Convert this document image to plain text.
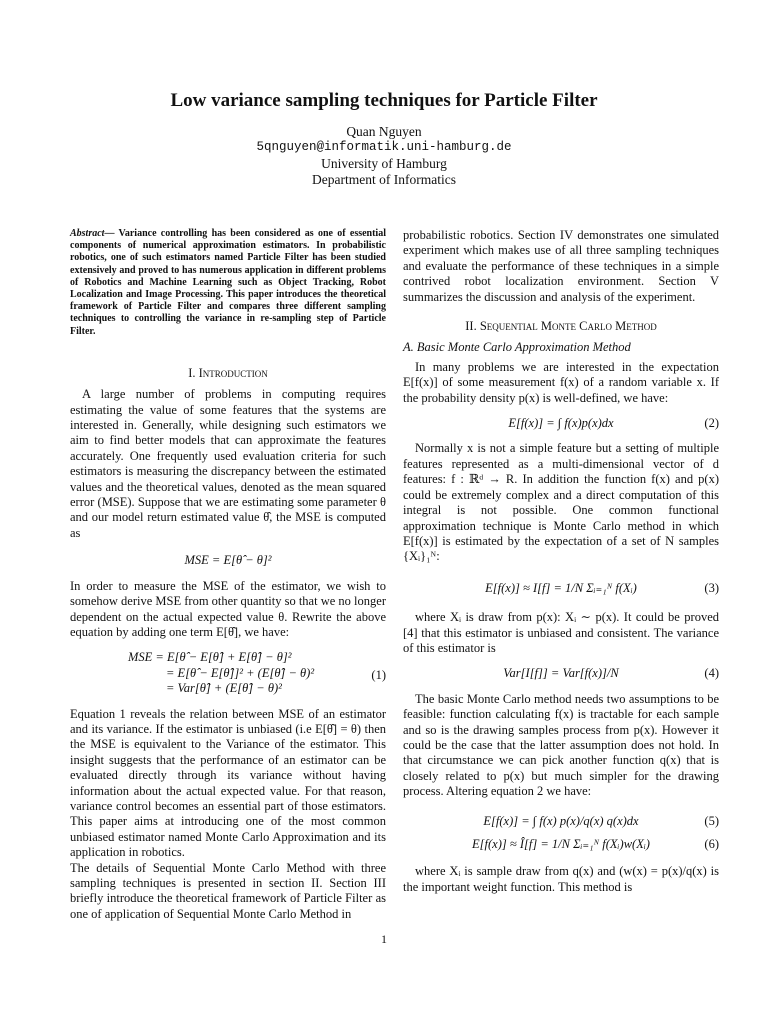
Low variance sampling techniques for Particle Filter
Quan Nguyen
5qnguyen@informatik.uni-hamburg.de
University of Hamburg
Department of Informatics

Abstract— Variance controlling has been considered as one of essential components of numerical approximation estimators. In probabilistic robotics, one of such estimators named Particle Filter has been studied extensively and proved to has numerous application in different problems of Robotics and Machine Learning such as Object Tracking, Robot Localization and Image Processing. This paper introduces the theoretical framework of Particle Filter and compares three different sampling techniques to controlling the variance in re-sampling step of Particle Filter.

I. Introduction

A large number of problems in computing requires estimating the value of some features that the systems are interested in. Generally, while designing such estimators we aim to find better models that can approximate the features accurately. One frequently used evaluation criteria for such estimators is measuring the discrepancy between the estimated values and the theoretical values, denoted as the mean squared error (MSE). Suppose that we are estimating some parameter θ and our model return estimated value θ̂, the MSE is computed as

MSE = E[θ̂ − θ]²

In order to measure the MSE of the estimator, we wish to somehow derive MSE from other quantity so that we no longer dependent on the actual expected value θ. Rewrite the above equation by adding one term E[θ̂], we have:

MSE = E[θ̂ − E[θ̂] + E[θ̂] − θ]²
= E[θ̂ − E[θ̂]]² + (E[θ̂] − θ)²
= Var[θ̂] + (E[θ̂] − θ)²
(1)

Equation 1 reveals the relation between MSE of an estimator and its variance. If the estimator is unbiased (i.e E[θ̂] = θ) then the MSE is equivalent to the Variance of the estimator. This insight suggests that the performance of an estimator can be evaluated directly through its variance without having information about the actual expected value. For that reason, variance control becomes an essential part of those estimators. This paper aims at introducing one of the most common unbiased estimator named Monte Carlo Approximation and its application in robotics.

The details of Sequential Monte Carlo Method with three sampling techniques is presented in section II. Section III briefly introduce the theoretical framework of Particle Filter as one of application of Sequential Monte Carlo Method in

probabilistic robotics. Section IV demonstrates one simulated experiment which makes use of all three sampling techniques and evaluate the performance of these techniques in a simple contrived robot localization environment. Section V summarizes the discussion and analysis of the experiment.

II. Sequential Monte Carlo Method
A. Basic Monte Carlo Approximation Method

In many problems we are interested in the expectation E[f(x)] of some measurement f(x) of a random variable x. If the probability density p(x) is well-defined, we have:

E[f(x)] = ∫ f(x)p(x)dx	(2)

Normally x is not a simple feature but a setting of multiple features represented as a multi-dimensional vector of d features: f : ℝᵈ → R. In addition the function f(x) and p(x) could be extremely complex and a direct computation of this integral is not possible. One common functional approximation technique is Monte Carlo method in which E[f(x)] is estimated by the expectation of a set of N samples {Xᵢ}₁ᴺ:

E[f(x)] ≈ I[f] = 1/N Σᵢ₌₁ᴺ f(Xᵢ)	(3)

where Xᵢ is draw from p(x): Xᵢ ∼ p(x). It could be proved [4] that this estimator is unbiased and consistent. The variance of this estimator is

Var[I[f]] = Var[f(x)]/N	(4)

The basic Monte Carlo method needs two assumptions to be feasible: function calculating f(x) is tractable for each sample and so is the drawing samples process from p(x). However it could be the case that the latter assumption does not hold. In that circumstance we can pick another function q(x) that is closely related to p(x) but much simpler for the drawing process. Altering equation 2 we have:

E[f(x)] = ∫ f(x) p(x)/q(x) q(x)dx	(5)
E[f(x)] ≈ Î[f] = 1/N Σᵢ₌₁ᴺ f(Xᵢ)w(Xᵢ)	(6)

where Xᵢ is sample draw from q(x) and (w(x) = p(x)/q(x) is the important weight function. This method is

1
